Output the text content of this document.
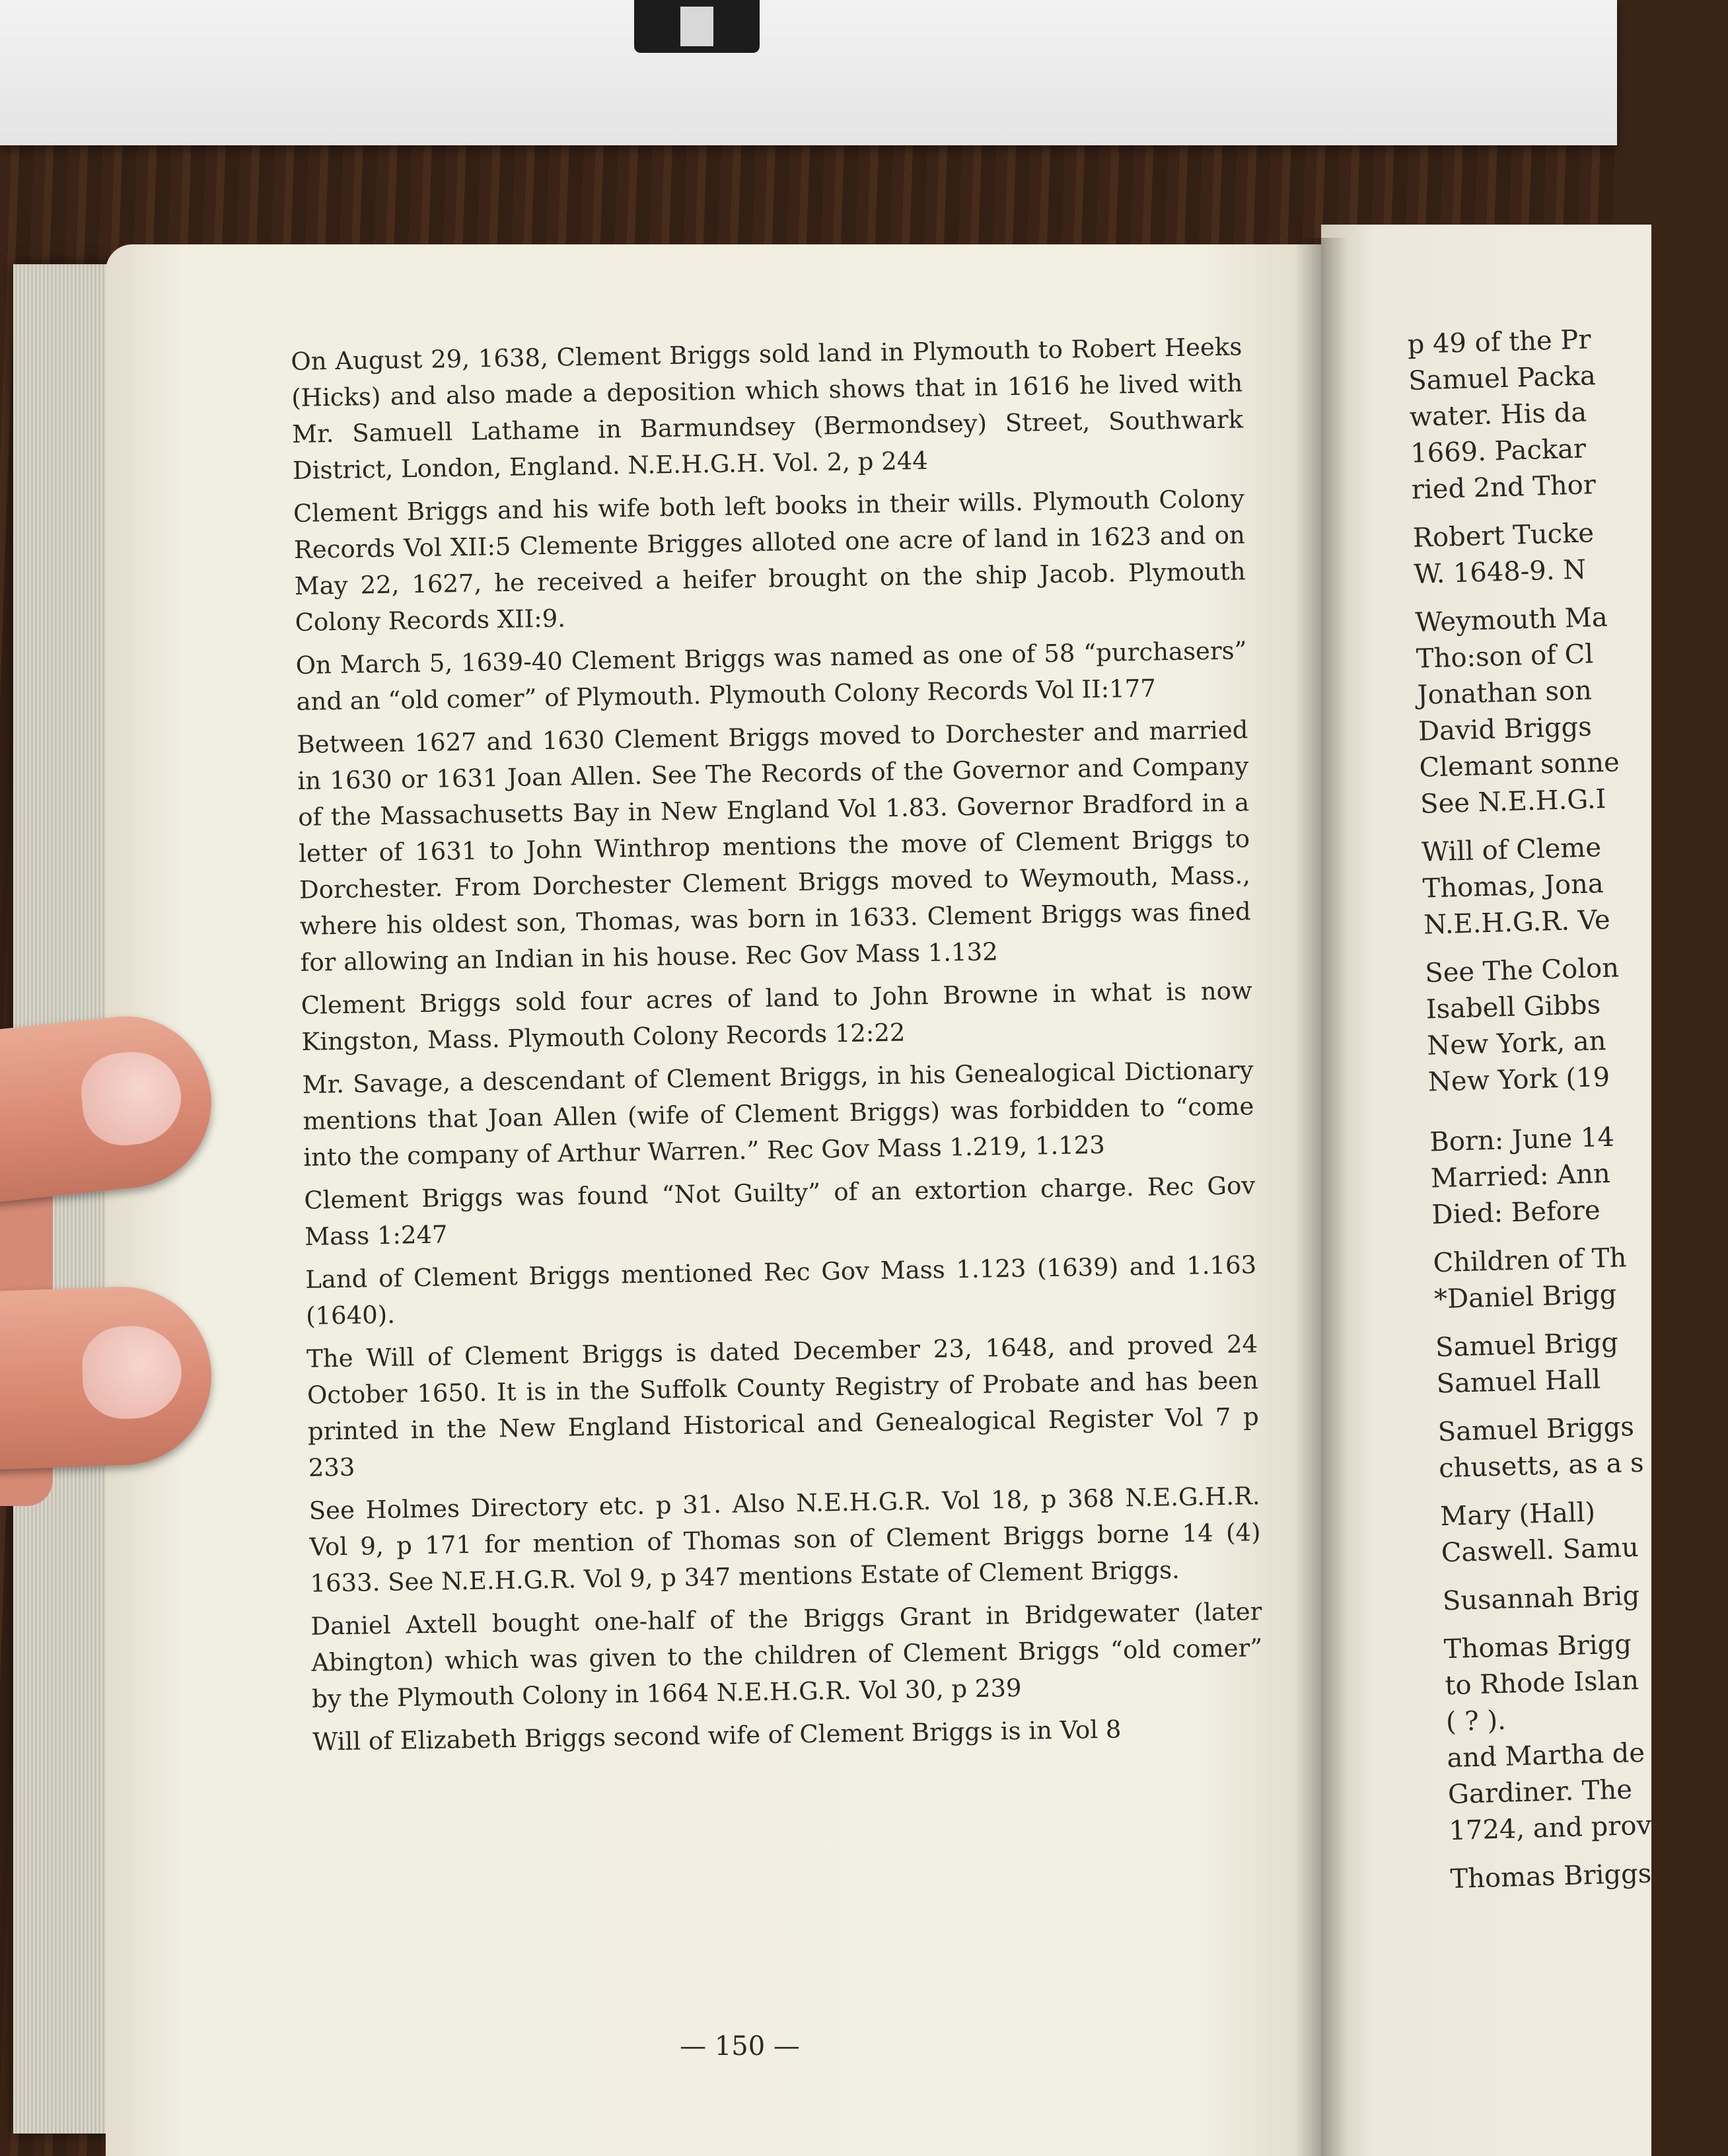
p 49 of the Pr
Samuel Packa
water. His da
1669. Packar
ried 2nd Thor
Robert Tucke
W. 1648-9. N
Weymouth Ma
Tho:son of Cl
Jonathan son
David Briggs
Clemant sonne
See N.E.H.G.I
Will of Cleme
Thomas, Jona
N.E.H.G.R. Ve
See The Colon
Isabell Gibbs
New York, an
New York (19
Born: June 14
Married: Ann
Died: Before
Children of Th
*Daniel Brigg
Samuel Brigg
Samuel Hall
Samuel Briggs
chusetts, as a s
Mary (Hall)
Caswell. Samu
Susannah Brig
Thomas Brigg
to Rhode Islan
( ? ).
and Martha de
Gardiner. The
1724, and prov
Thomas Briggs

On August 29, 1638, Clement Briggs sold land in Plymouth to Robert Heeks (Hicks) and also made a deposition which shows that in 1616 he lived with Mr. Samuell Lathame in Barmundsey (Bermondsey) Street, Southwark District, London, England. N.E.H.G.H. Vol. 2, p 244

Clement Briggs and his wife both left books in their wills. Plymouth Colony Records Vol XII:5 Clemente Brigges alloted one acre of land in 1623 and on May 22, 1627, he received a heifer brought on the ship Jacob. Plymouth Colony Records XII:9.

On March 5, 1639-40 Clement Briggs was named as one of 58 “purchasers” and an “old comer” of Plymouth. Plymouth Colony Records Vol II:177

Between 1627 and 1630 Clement Briggs moved to Dorchester and married in 1630 or 1631 Joan Allen. See The Records of the Governor and Company of the Massachusetts Bay in New England Vol 1.83. Governor Bradford in a letter of 1631 to John Winthrop mentions the move of Clement Briggs to Dorchester. From Dorchester Clement Briggs moved to Weymouth, Mass., where his oldest son, Thomas, was born in 1633. Clement Briggs was fined for allowing an Indian in his house. Rec Gov Mass 1.132

Clement Briggs sold four acres of land to John Browne in what is now Kingston, Mass. Plymouth Colony Records 12:22

Mr. Savage, a descendant of Clement Briggs, in his Genealogical Dictionary mentions that Joan Allen (wife of Clement Briggs) was forbidden to “come into the company of Arthur Warren.” Rec Gov Mass 1.219, 1.123

Clement Briggs was found “Not Guilty” of an extortion charge. Rec Gov Mass 1:247

Land of Clement Briggs mentioned Rec Gov Mass 1.123 (1639) and 1.163 (1640).

The Will of Clement Briggs is dated December 23, 1648, and proved 24 October 1650. It is in the Suffolk County Registry of Probate and has been printed in the New England Historical and Genealogical Register Vol 7 p 233

See Holmes Directory etc. p 31. Also N.E.H.G.R. Vol 18, p 368 N.E.G.H.R. Vol 9, p 171 for mention of Thomas son of Clement Briggs borne 14 (4) 1633. See N.E.H.G.R. Vol 9, p 347 mentions Estate of Clement Briggs.

Daniel Axtell bought one-half of the Briggs Grant in Bridgewater (later Abington) which was given to the children of Clement Briggs “old comer” by the Plymouth Colony in 1664 N.E.H.G.R. Vol 30, p 239

Will of Elizabeth Briggs second wife of Clement Briggs is in Vol 8

— 150 —
